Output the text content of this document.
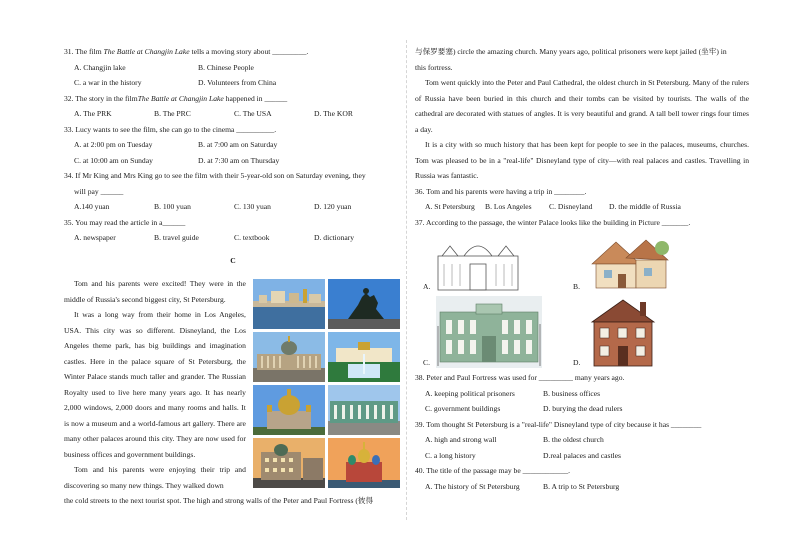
31. The film The Battle at Changjin Lake tells a moving story about _________.

A. Changjin lake	B. Chinese People
C. a war in the history	D. Volunteers from China

32. The story in the filmThe Battle at Changjin Lake happened in ______

A. The PRK	B. The PRC	C. The USA	D. The KOR

33. Lucy wants to see the film, she can go to the cinema __________.

A. at 2:00 pm on Tuesday	B. at 7:00 am on Saturday
C. at 10:00 am on Sunday	D. at 7:30 am on Thursday

34. If Mr King and Mrs King go to see the film with their 5-year-old son on Saturday evening, they

will pay ______

A.140 yuan	B. 100 yuan	C. 130 yuan	D. 120 yuan

35. You may read the article in a______

A. newspaper	B. travel guide	C. textbook	D. dictionary

C

Tom and his parents were excited! They were in the middle of Russia's second biggest city, St Petersburg.

It was a long way from their home in Los Angeles, USA. This city was so different. Disneyland, the Los Angeles theme park, has big buildings and imagination castles. Here in the palace square of St Petersburg, the Winter Palace stands much taller and grander. The Russian Royalty used to live here many years ago. It has nearly 2,000 windows, 2,000 doors and many rooms and halls. It is now a museum and a world-famous art gallery. There are many other palaces around this city. They are now used for business offices and government buildings.

Tom and his parents were enjoying their trip and discovering so many new things. They walked down

the cold streets to the next tourist spot. The high and strong walls of the Peter and Paul Fortress (彼得

与保罗要塞) circle the amazing church. Many years ago, political prisoners were kept jailed (坐牢) in

this fortress.

Tom went quickly into the Peter and Paul Cathedral, the oldest church in St Petersburg. Many of the rulers of Russia have been buried in this church and their tombs can be visited by tourists. The walls of the cathedral are decorated with statues of angles. It is very beautiful and grand. A tall bell tower rings four times a day.

It is a city with so much history that has been kept for people to see in the palaces, museums, churches. Tom was pleased to be in a "real-life" Disneyland type of city—with real palaces and castles. Travelling in Russia was fantastic.

36. Tom and his parents were having a trip in ________.

A. St Petersburg	B. Los Angeles	C. Disneyland	D. the middle of Russia

37. According to the passage, the winter Palace looks like the building in Picture _______.

A.	B.
C.	D.

38. Peter and Paul Fortress was used for _________ many years ago.

A. keeping political prisoners	B. business offices
C. government buildings	D. burying the dead rulers

39. Tom thought St Petersburg is a "real-life" Disneyland type of city because it has ________

A. high and strong wall	B. the oldest church
C. a long history	D.real palaces and castles

40. The title of the passage may be ____________.

A. The history of St Petersburg	B. A trip to St Petersburg
